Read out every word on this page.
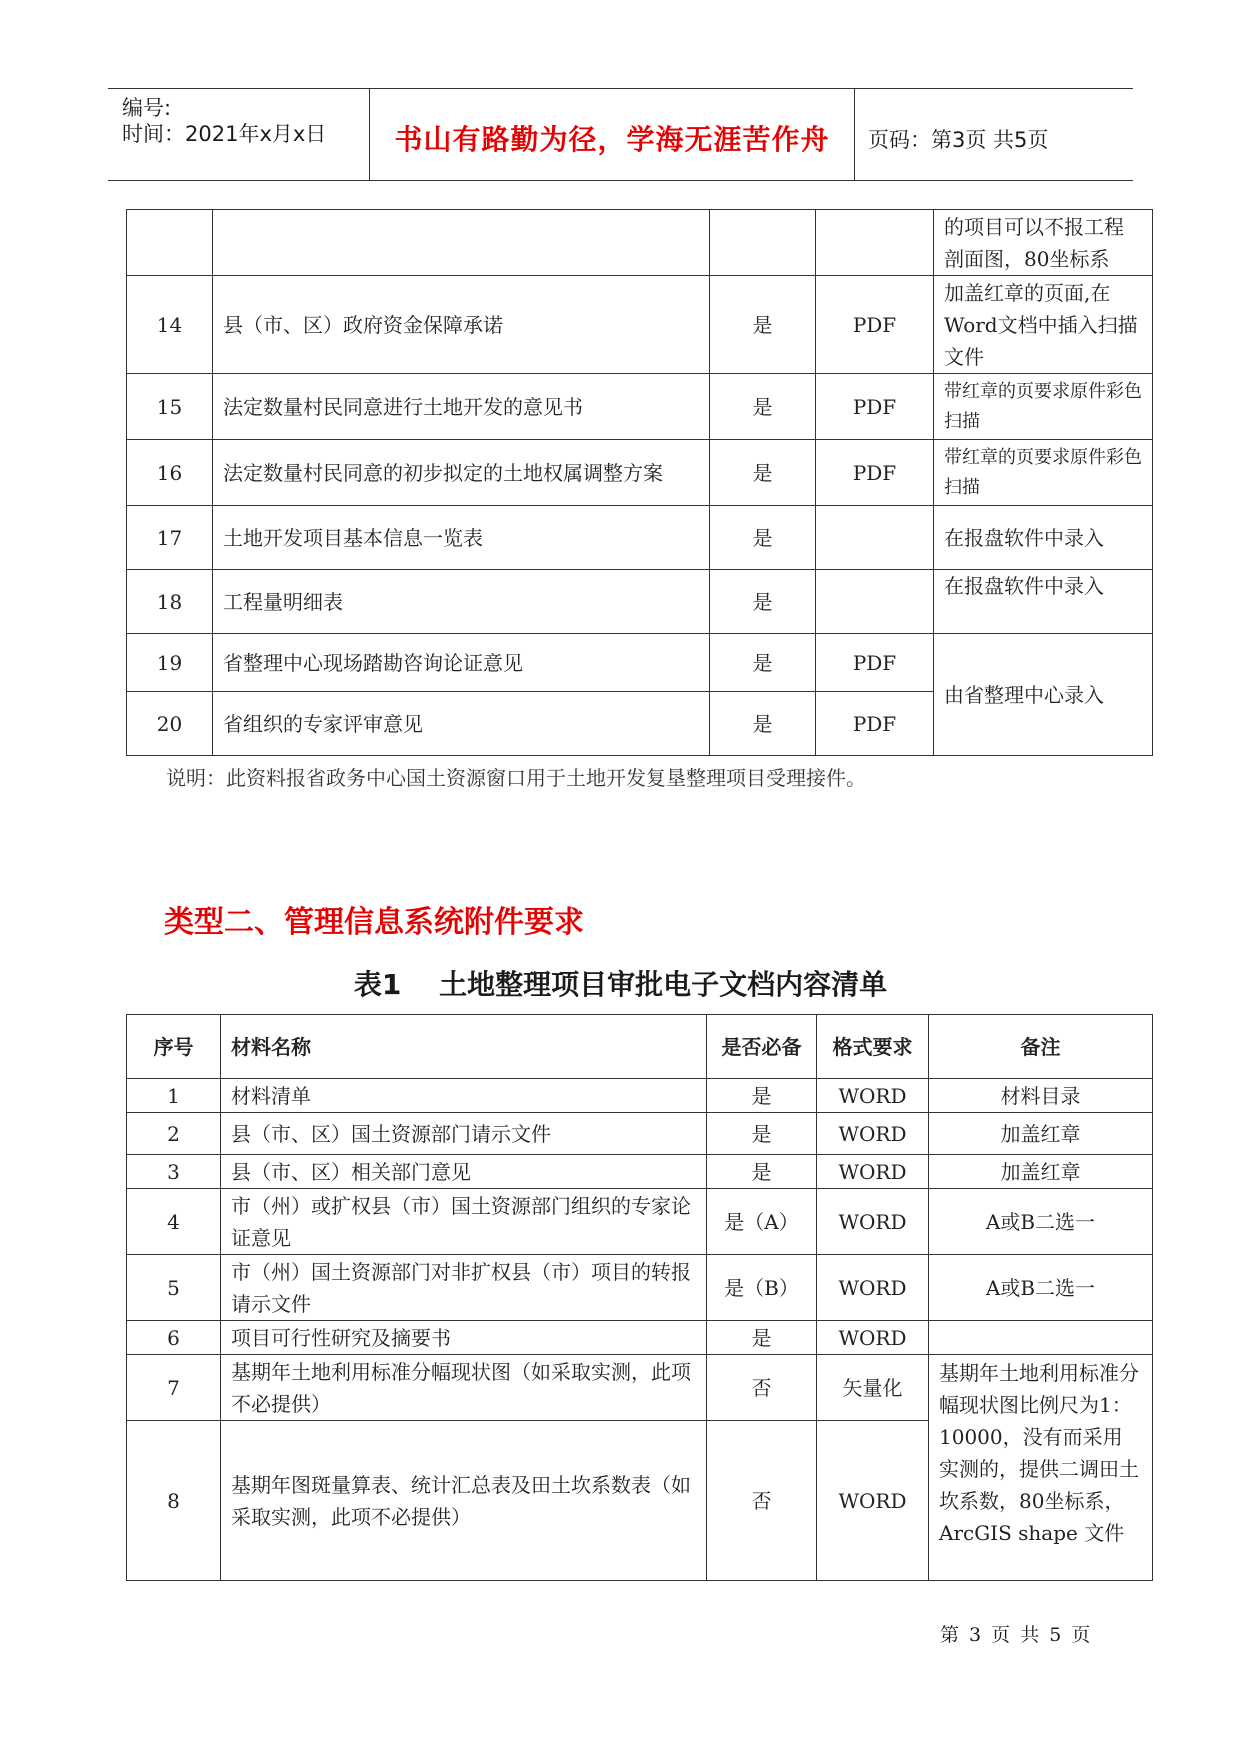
编号:
时间：2021年x月x日	书山有路勤为径，学海无涯苦作舟	页码：第3页 共5页
				的项目可以不报工程剖面图，80坐标系
14	县（市、区）政府资金保障承诺	是	PDF	加盖红章的页面,在Word文档中插入扫描文件
15	法定数量村民同意进行土地开发的意见书	是	PDF	带红章的页要求原件彩色扫描
16	法定数量村民同意的初步拟定的土地权属调整方案	是	PDF	带红章的页要求原件彩色扫描
17	土地开发项目基本信息一览表	是		在报盘软件中录入
18	工程量明细表	是		在报盘软件中录入
19	省整理中心现场踏勘咨询论证意见	是	PDF	由省整理中心录入
20	省组织的专家评审意见	是	PDF	
说明：此资料报省政务中心国土资源窗口用于土地开发复垦整理项目受理接件。
类型二、管理信息系统附件要求
表1　 土地整理项目审批电子文档内容清单
序号	材料名称	是否必备	格式要求	备注
1	材料清单	是	WORD	材料目录
2	县（市、区）国土资源部门请示文件	是	WORD	加盖红章
3	县（市、区）相关部门意见	是	WORD	加盖红章
4	市（州）或扩权县（市）国土资源部门组织的专家论证意见	是（A）	WORD	A或B二选一
5	市（州）国土资源部门对非扩权县（市）项目的转报请示文件	是（B）	WORD	A或B二选一
6	项目可行性研究及摘要书	是	WORD	
7	基期年土地利用标准分幅现状图（如采取实测，此项不必提供）	否	矢量化	基期年土地利用标准分幅现状图比例尺为1：10000，没有而采用实测的，提供二调田土坎系数，80坐标系，ArcGIS shape 文件
8	基期年图斑量算表、统计汇总表及田土坎系数表（如采取实测，此项不必提供）	否	WORD	
第 3 页 共 5 页
